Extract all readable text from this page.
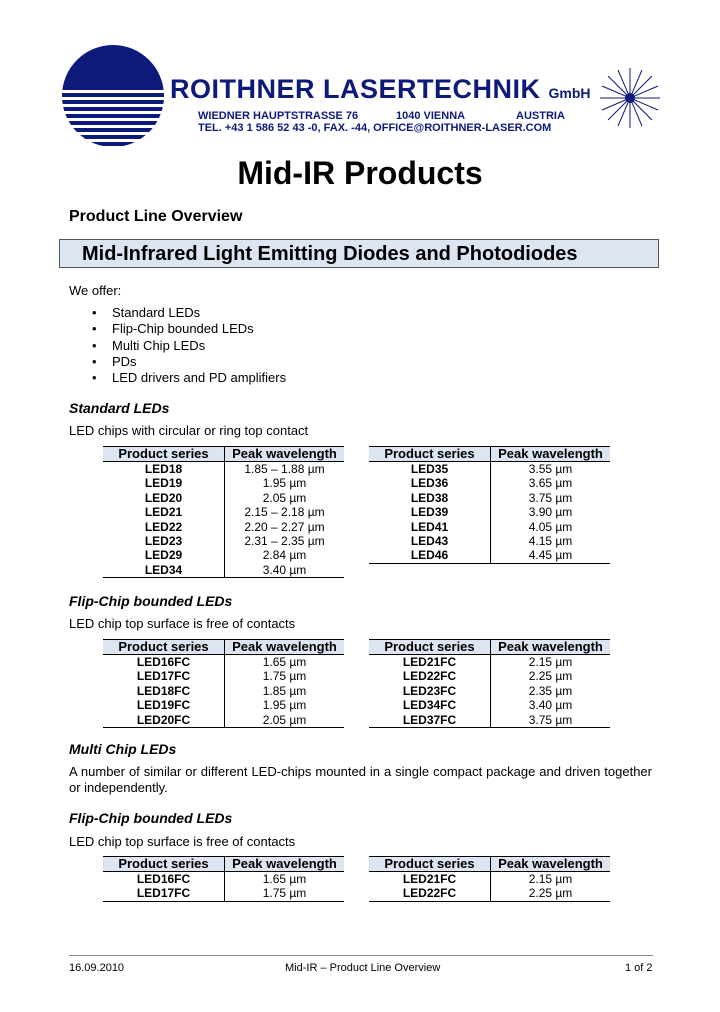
ROITHNER LASERTECHNIK GmbH
WIEDNER HAUPTSTRASSE 76	1040 VIENNA	AUSTRIA
TEL. +43 1 586 52 43 -0, FAX. -44, OFFICE@ROITHNER-LASER.COM
Mid-IR Products
Product Line Overview
Mid-Infrared Light Emitting Diodes and Photodiodes
We offer:
• Standard LEDs
• Flip-Chip bounded LEDs
• Multi Chip LEDs
• PDs
• LED drivers and PD amplifiers
Standard LEDs
LED chips with circular or ring top contact
Product series	Peak wavelength
LED18	1.85 – 1.88 µm
LED19	1.95 µm
LED20	2.05 µm
LED21	2.15 – 2.18 µm
LED22	2.20 – 2.27 µm
LED23	2.31 – 2.35 µm
LED29	2.84 µm
LED34	3.40 µm
Product series	Peak wavelength
LED35	3.55 µm
LED36	3.65 µm
LED38	3.75 µm
LED39	3.90 µm
LED41	4.05 µm
LED43	4.15 µm
LED46	4.45 µm
Flip-Chip bounded LEDs
LED chip top surface is free of contacts
Product series	Peak wavelength
LED16FC	1.65 µm
LED17FC	1.75 µm
LED18FC	1.85 µm
LED19FC	1.95 µm
LED20FC	2.05 µm
Product series	Peak wavelength
LED21FC	2.15 µm
LED22FC	2.25 µm
LED23FC	2.35 µm
LED34FC	3.40 µm
LED37FC	3.75 µm
Multi Chip LEDs
A number of similar or different LED-chips mounted in a single compact package and driven together or independently.
Flip-Chip bounded LEDs
LED chip top surface is free of contacts
Product series	Peak wavelength
LED16FC	1.65 µm
LED17FC	1.75 µm
Product series	Peak wavelength
LED21FC	2.15 µm
LED22FC	2.25 µm
16.09.2010	Mid-IR – Product Line Overview	1 of 2
